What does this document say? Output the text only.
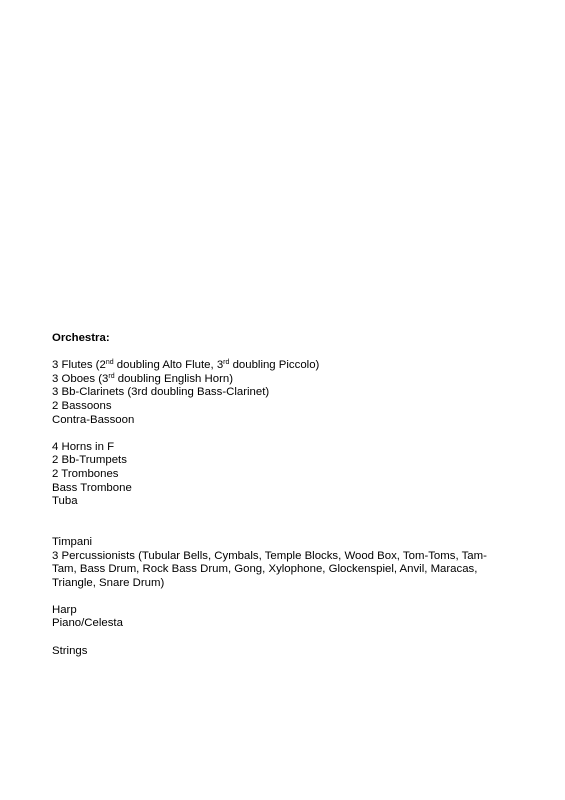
Orchestra:

3 Flutes (2nd doubling Alto Flute, 3rd doubling Piccolo)

3 Oboes (3rd doubling English Horn)

3 Bb-Clarinets (3rd doubling Bass-Clarinet)

2 Bassoons

Contra-Bassoon

4 Horns in F

2 Bb-Trumpets

2 Trombones

Bass Trombone

Tuba

Timpani

3 Percussionists (Tubular Bells, Cymbals, Temple Blocks, Wood Box, Tom-Toms, Tam-Tam, Bass Drum, Rock Bass Drum, Gong, Xylophone, Glockenspiel, Anvil, Maracas, Triangle, Snare Drum)

Harp

Piano/Celesta

Strings
